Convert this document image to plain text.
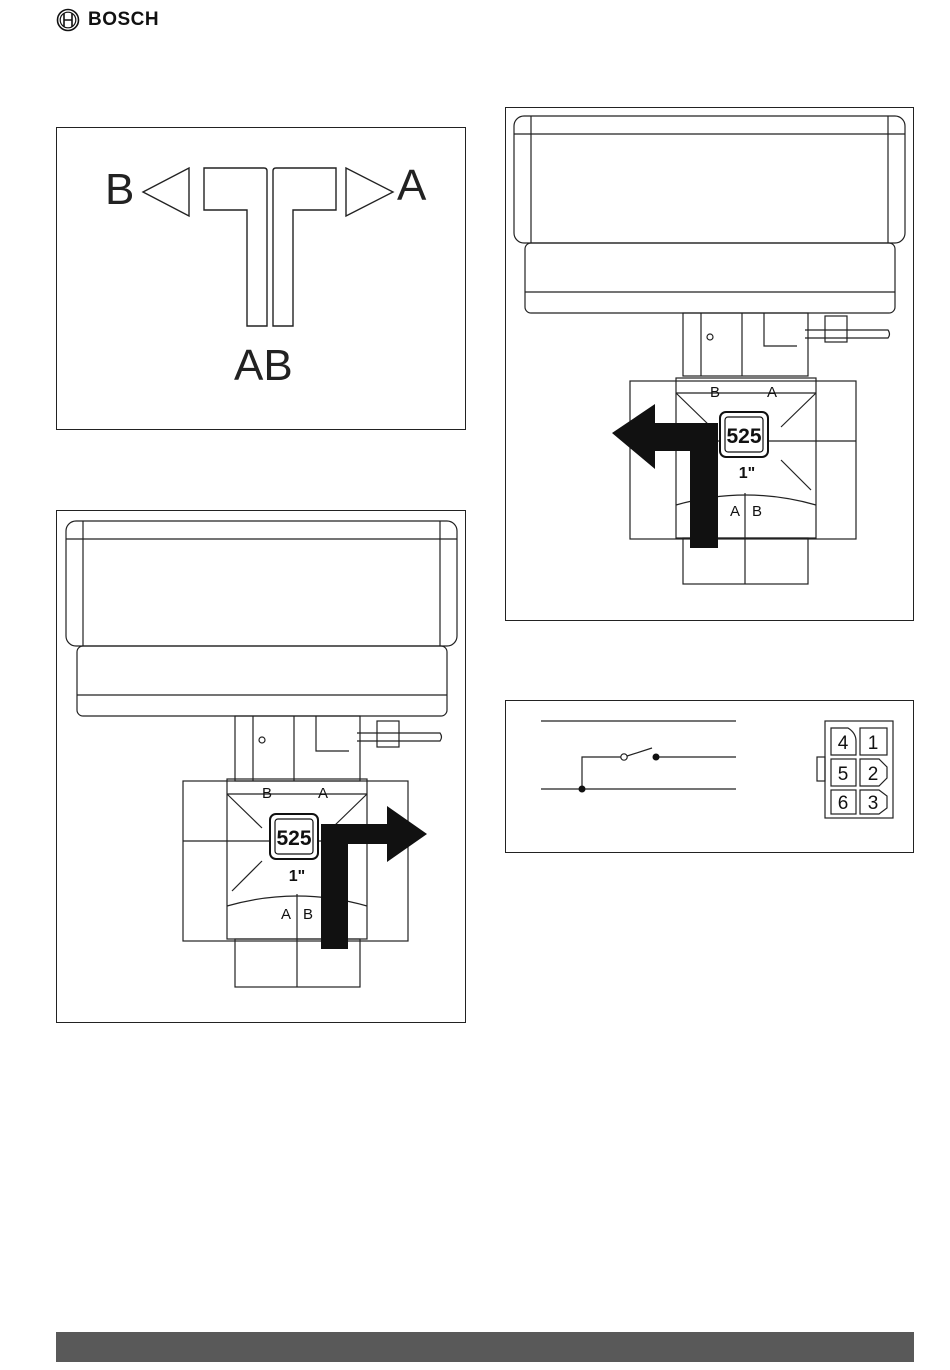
BOSCH
B	A
AB
525
1"
B	A
A B
525
1"
B	A
A B
4 1
5 2
6 3
